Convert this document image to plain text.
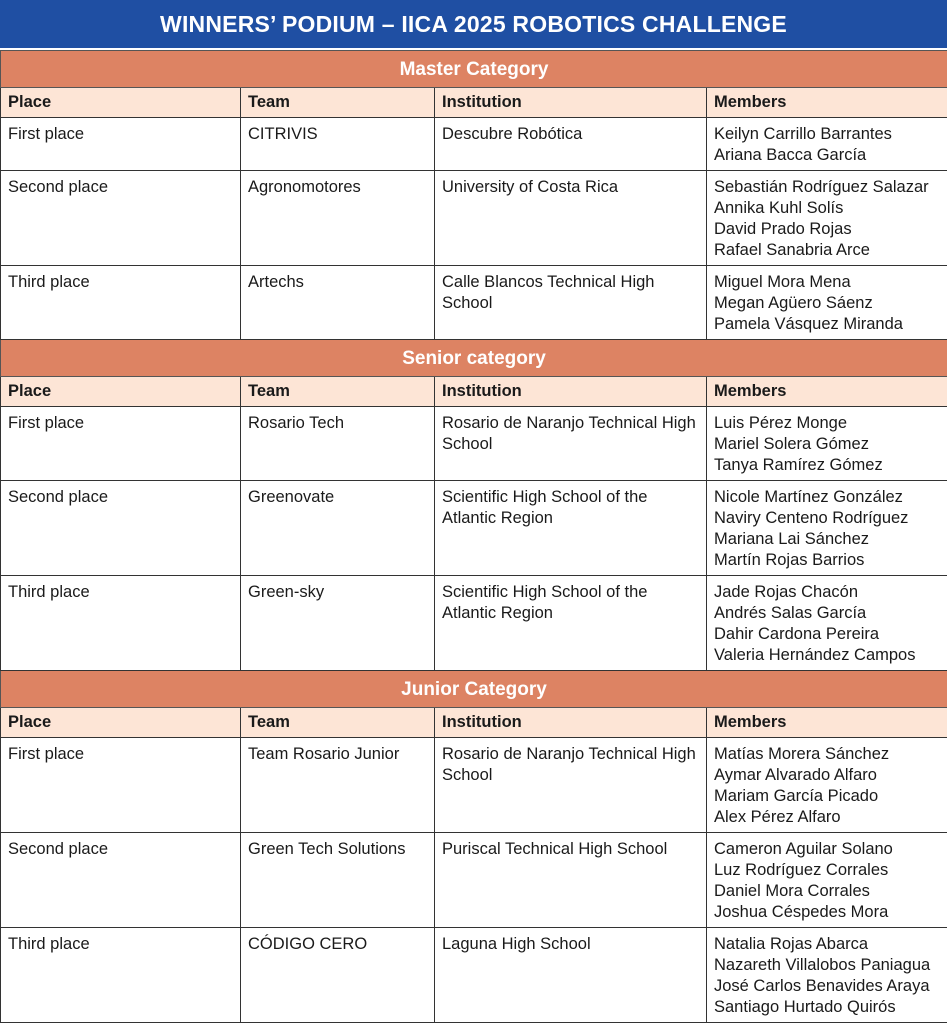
WINNERS’ PODIUM – IICA 2025 ROBOTICS CHALLENGE
Master Category			
Place	Team	Institution	Members
First place	CITRIVIS	Descubre Robótica	Keilyn Carrillo Barrantes
Ariana Bacca García

Second place	Agronomotores	University of Costa Rica	Sebastián Rodríguez Salazar
Annika Kuhl Solís
David Prado Rojas
Rafael Sanabria Arce

Third place	Artechs	Calle Blancos Technical High School	Miguel Mora Mena
Megan Agüero Sáenz
Pamela Vásquez Miranda

Senior category			
Place	Team	Institution	Members
First place	Rosario Tech	Rosario de Naranjo Technical High School	Luis Pérez Monge
Mariel Solera Gómez
Tanya Ramírez Gómez

Second place	Greenovate	Scientific High School of the Atlantic Region	Nicole Martínez González
Naviry Centeno Rodríguez
Mariana Lai Sánchez
Martín Rojas Barrios

Third place	Green-sky	Scientific High School of the Atlantic Region	Jade Rojas Chacón
Andrés Salas García
Dahir Cardona Pereira
Valeria Hernández Campos

Junior Category			
Place	Team	Institution	Members
First place	Team Rosario Junior	Rosario de Naranjo Technical High School	Matías Morera Sánchez
Aymar Alvarado Alfaro
Mariam García Picado
Alex Pérez Alfaro

Second place	Green Tech Solutions	Puriscal Technical High School	Cameron Aguilar Solano
Luz Rodríguez Corrales
Daniel Mora Corrales
Joshua Céspedes Mora

Third place	CÓDIGO CERO	Laguna High School	Natalia Rojas Abarca
Nazareth Villalobos Paniagua
José Carlos Benavides Araya
Santiago Hurtado Quirós
